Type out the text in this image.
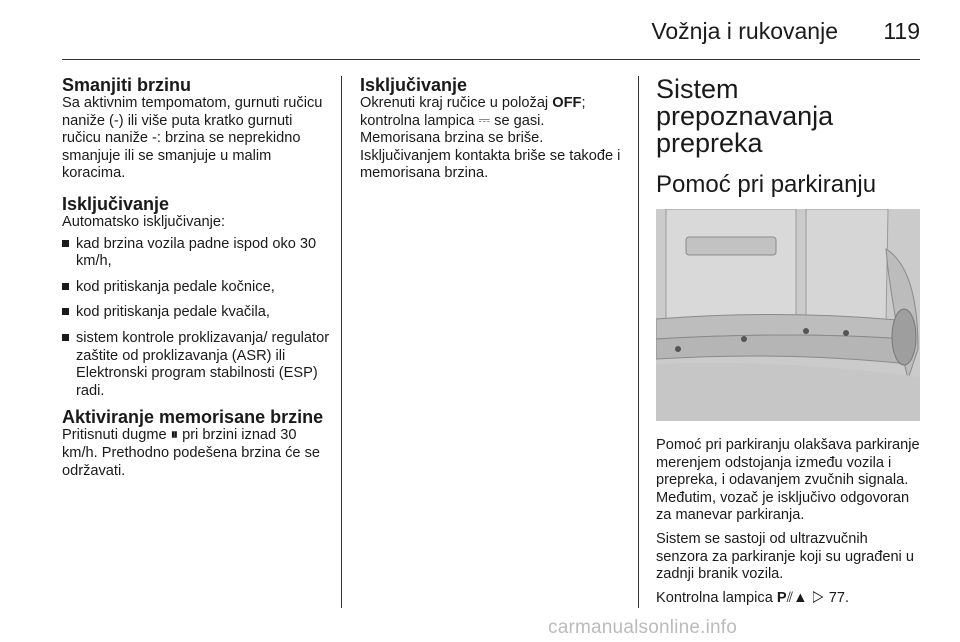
Vožnja i rukovanje 119
Smanjiti brzinu

Sa aktivnim tempomatom, gurnuti ručicu naniže (-) ili više puta kratko gurnuti ručicu naniže -: brzina se neprekidno smanjuje ili se smanjuje u malim koracima.

Isključivanje

Automatsko isključivanje:

kad brzina vozila padne ispod oko 30 km/h,
kod pritiskanja pedale kočnice,
kod pritiskanja pedale kvačila,
sistem kontrole proklizavanja/ regulator zaštite od proklizavanja (ASR) ili Elektronski program stabilnosti (ESP) radi.
Aktiviranje memorisane brzine

Pritisnuti dugme ⏸ pri brzini iznad 30 km/h. Prethodno podešena brzina će se održavati.

Isključivanje

Okrenuti kraj ručice u položaj OFF; kontrolna lampica ⎓ se gasi. Memorisana brzina se briše. Isključivanjem kontakta briše se takođe i memorisana brzina.

Sistem prepoznavanja prepreka
Pomoć pri parkiranju

Pomoć pri parkiranju olakšava parkiranje merenjem odstojanja između vozila i prepreka, i odavanjem zvučnih signala. Međutim, vozač je isključivo odgovoran za manevar parkiranja.

Sistem se sastoji od ultrazvučnih senzora za parkiranje koji su ugrađeni u zadnji branik vozila.

Kontrolna lampica P⫽▲ ▷ 77.

carmanualsonline.info
